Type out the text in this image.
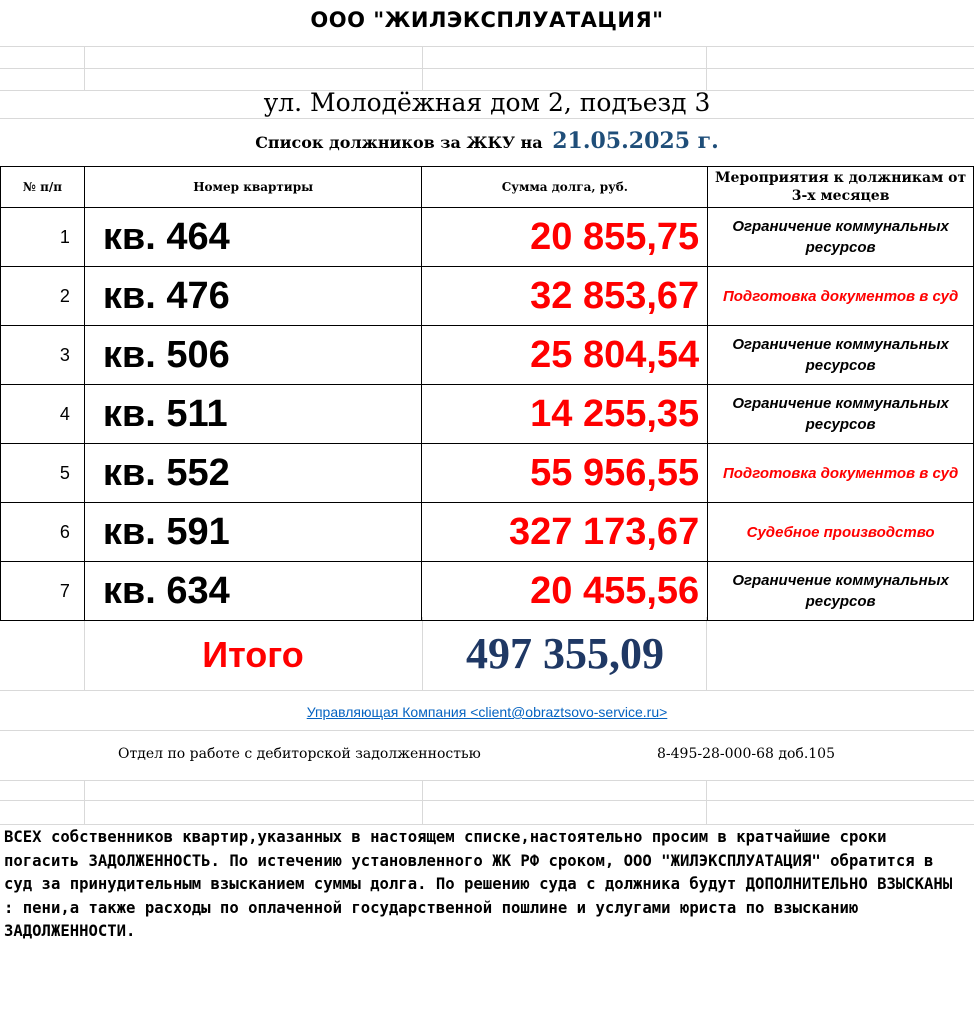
ООО "ЖИЛЭКСПЛУАТАЦИЯ"
ул. Молодёжная дом 2, подъезд 3
Список должников за ЖКУ на 21.05.2025 г.
№ п/п	Номер квартиры	Сумма долга, руб.	Мероприятия к должникам от 3-х месяцев
1	кв. 464	20 855,75	Ограничение коммунальных ресурсов
2	кв. 476	32 853,67	Подготовка документов в суд
3	кв. 506	25 804,54	Ограничение коммунальных ресурсов
4	кв. 511	14 255,35	Ограничение коммунальных ресурсов
5	кв. 552	55 956,55	Подготовка документов в суд
6	кв. 591	327 173,67	Судебное производство
7	кв. 634	20 455,56	Ограничение коммунальных ресурсов
Итого	497 355,09
Управляющая Компания <client@obraztsovo-service.ru>
Отдел по работе с дебиторской задолженностью	8-495-28-000-68 доб.105
ВСЕХ собственников квартир,указанных в настоящем списке,настоятельно просим в кратчайшие сроки погасить ЗАДОЛЖЕННОСТЬ. По истечению установленного ЖК РФ сроком, ООО "ЖИЛЭКСПЛУАТАЦИЯ" обратится в суд за принудительным взысканием суммы долга. По решению суда с должника будут ДОПОЛНИТЕЛЬНО ВЗЫСКАНЫ : пени,а также расходы по оплаченной государственной пошлине и услугами юриста по взысканию ЗАДОЛЖЕННОСТИ.
